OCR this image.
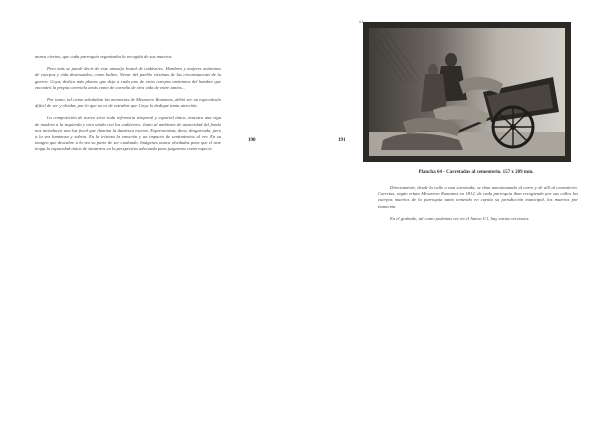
muros ciertos; que cada parroquia organizaba la recogida de sus muertos.

Pero más se puede decir de este amasijo brutal de cadáveres. Hombres y mujeres anónimos de cuerpos y vida destrozados, como bultos. Nevar del pueblo víctimas de las circunstancias de la guerra. Goya, dedica más planos que deja a cada uno de estos cuerpos anónimos del hambre que encontró la propia carretela atrás como de carroña de otra vida de entre tantos...

Por tanto, tal como señalaban las memorias de Mesonero Romanos, debió ser un espectáculo difícil de ver y olvidar, por lo que no es de extrañar que Goya lo dedique tanta atención.

La composición de nuevo sirve toda referencia temporal y espacial única, muestra una viga de madera a la izquierda y otra unida con los cadáveres. Junto al ambiente de austeridad del fondo nos introducen una luz focal que ilumina la dantesca escena. Expresionista, dura, desgarrada, pero a la vez luminosa y sobria. En la tristeza la emoción y un impacto de sentimientos al ver. En su imagen que descubre a la vez su parte de ser cuidando. Imágenes nunca olvidadas para que el arte tenga la capacidad única de situarnos en la perspectiva adecuada para juzgarnos como especie.

190	191
64
Plancha 64 - Carretadas al cementerio. 157 x 209 mm.

Directamente, desde la calle a una carretada, se iban amontonando al carro y de allí al cementerio. Carretas, según relata Mesonero Romanos en 1812, de cada parroquia iban recogiendo por sus calles los cuerpos muertos de la parroquia tanto teniendo en cuenta su jurisdicción municipal, los muertos por inanición.

En el grabado, tal como podemos ver en el Anexo V.1, hay varias versiones.
